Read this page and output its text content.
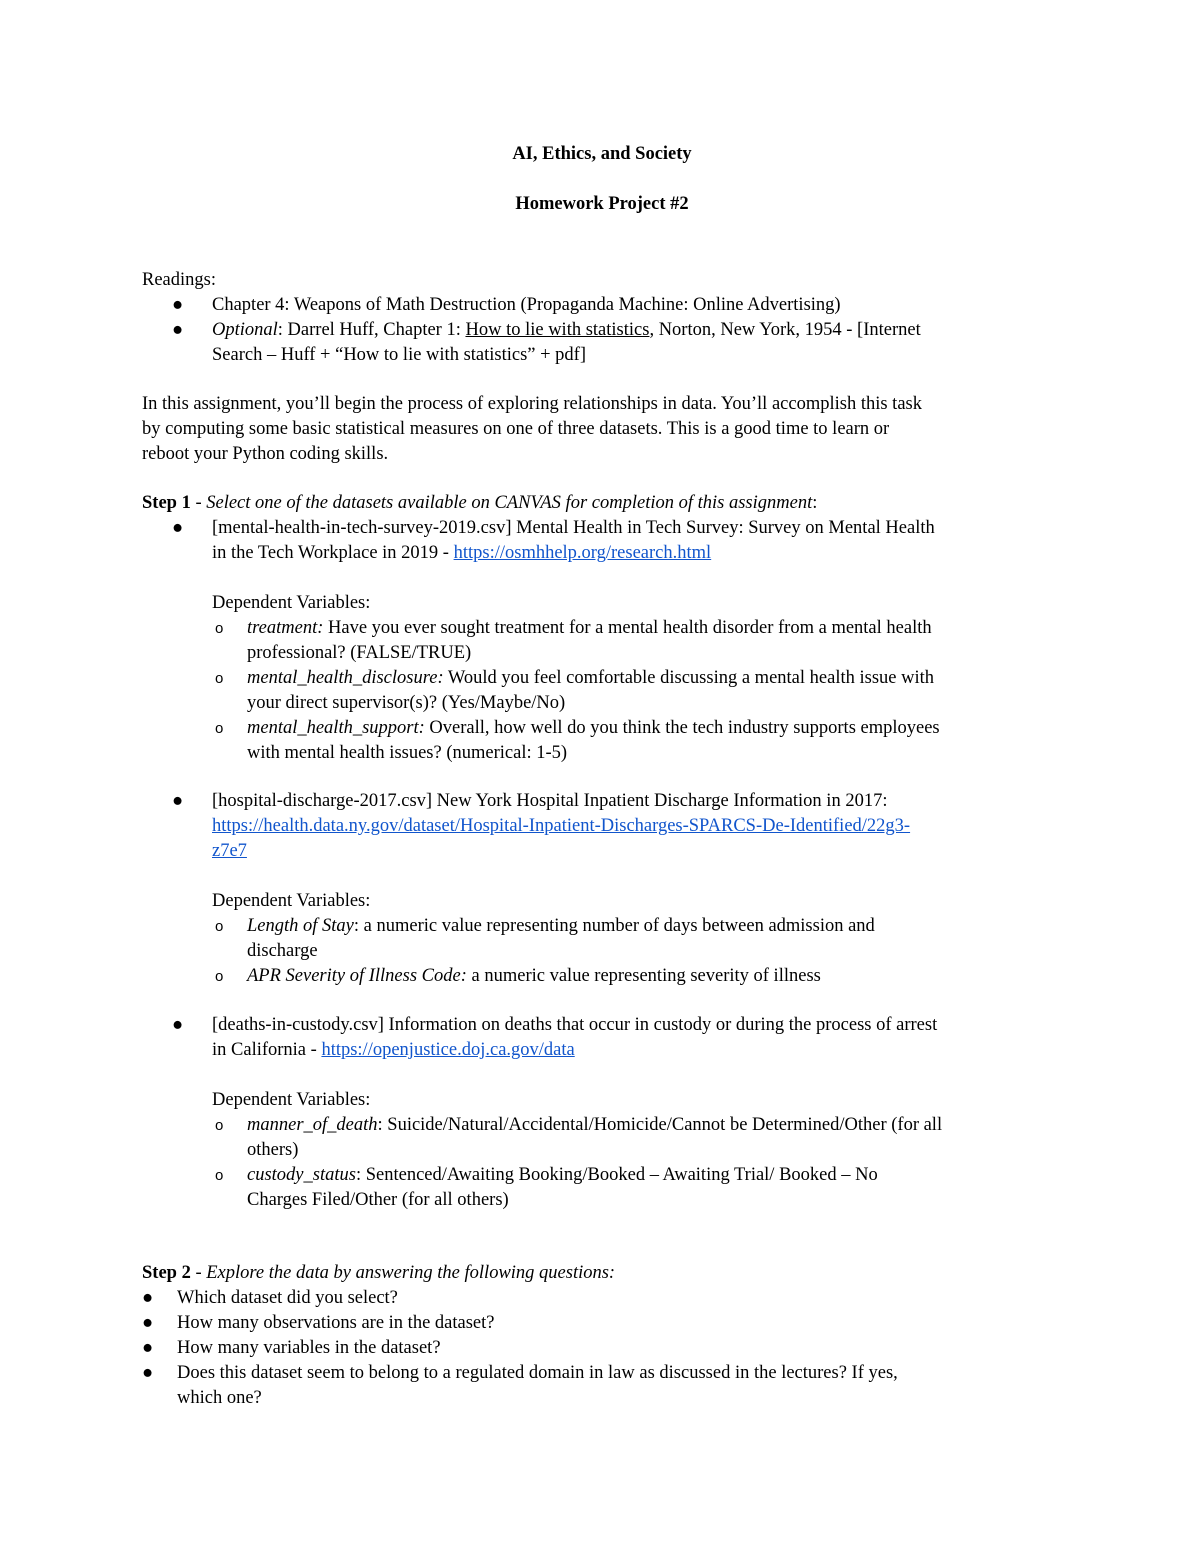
AI, Ethics, and Society
Homework Project #2
Readings:
● Chapter 4: Weapons of Math Destruction (Propaganda Machine: Online Advertising)
● Optional: Darrel Huff, Chapter 1: How to lie with statistics, Norton, New York, 1954 - [Internet
Search – Huff + “How to lie with statistics” + pdf]
In this assignment, you’ll begin the process of exploring relationships in data. You’ll accomplish this task
by computing some basic statistical measures on one of three datasets. This is a good time to learn or
reboot your Python coding skills.
Step 1 - Select one of the datasets available on CANVAS for completion of this assignment:
● [mental-health-in-tech-survey-2019.csv] Mental Health in Tech Survey: Survey on Mental Health
in the Tech Workplace in 2019 - https://osmhhelp.org/research.html
Dependent Variables:
o treatment: Have you ever sought treatment for a mental health disorder from a mental health
professional? (FALSE/TRUE)
o mental_health_disclosure: Would you feel comfortable discussing a mental health issue with
your direct supervisor(s)? (Yes/Maybe/No)
o mental_health_support: Overall, how well do you think the tech industry supports employees
with mental health issues? (numerical: 1-5)
● [hospital-discharge-2017.csv] New York Hospital Inpatient Discharge Information in 2017:
https://health.data.ny.gov/dataset/Hospital-Inpatient-Discharges-SPARCS-De-Identified/22g3-
z7e7
Dependent Variables:
o Length of Stay: a numeric value representing number of days between admission and
discharge
o APR Severity of Illness Code: a numeric value representing severity of illness
● [deaths-in-custody.csv] Information on deaths that occur in custody or during the process of arrest
in California - https://openjustice.doj.ca.gov/data
Dependent Variables:
o manner_of_death: Suicide/Natural/Accidental/Homicide/Cannot be Determined/Other (for all
others)
o custody_status: Sentenced/Awaiting Booking/Booked – Awaiting Trial/ Booked – No
Charges Filed/Other (for all others)
Step 2 - Explore the data by answering the following questions:
● Which dataset did you select?
● How many observations are in the dataset?
● How many variables in the dataset?
● Does this dataset seem to belong to a regulated domain in law as discussed in the lectures? If yes,
which one?
